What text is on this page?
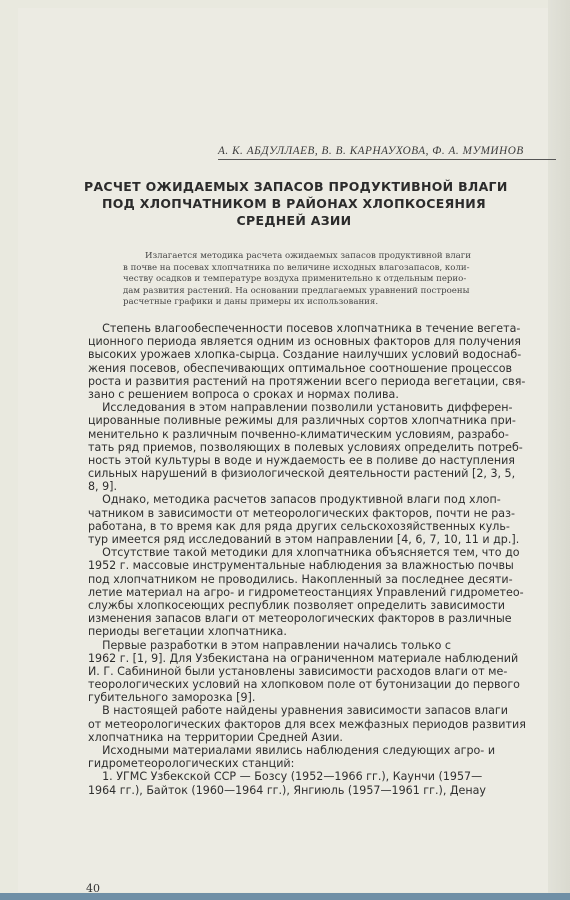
А. К. АБДУЛЛАЕВ, В. В. КАРНАУХОВА, Ф. А. МУМИНОВ
РАСЧЕТ ОЖИДАЕМЫХ ЗАПАСОВ ПРОДУКТИВНОЙ ВЛАГИ
ПОД ХЛОПЧАТНИКОМ В РАЙОНАХ ХЛОПКОСЕЯНИЯ
СРЕДНЕЙ АЗИИ
Излагается методика расчета ожидаемых запасов продуктивной влаги
в почве на посевах хлопчатника по величине исходных влагозапасов, коли-
честву осадков и температуре воздуха применительно к отдельным перио-
дам развития растений. На основании предлагаемых уравнений построены
расчетные графики и даны примеры их использования.
Степень влагообеспеченности посевов хлопчатника в течение вегета-
ционного периода является одним из основных факторов для получения
высоких урожаев хлопка-сырца. Создание наилучших условий водоснаб-
жения посевов, обеспечивающих оптимальное соотношение процессов
роста и развития растений на протяжении всего периода вегетации, свя-
зано с решением вопроса о сроках и нормах полива.
Исследования в этом направлении позволили установить дифферен-
цированные поливные режимы для различных сортов хлопчатника при-
менительно к различным почвенно-климатическим условиям, разрабо-
тать ряд приемов, позволяющих в полевых условиях определить потреб-
ность этой культуры в воде и нуждаемость ее в поливе до наступления
сильных нарушений в физиологической деятельности растений [2, 3, 5,
8, 9].
Однако, методика расчетов запасов продуктивной влаги под хлоп-
чатником в зависимости от метеорологических факторов, почти не раз-
работана, в то время как для ряда других сельскохозяйственных куль-
тур имеется ряд исследований в этом направлении [4, 6, 7, 10, 11 и др.].
Отсутствие такой методики для хлопчатника объясняется тем, что до
1952 г. массовые инструментальные наблюдения за влажностью почвы
под хлопчатником не проводились. Накопленный за последнее десяти-
летие материал на агро- и гидрометеостанциях Управлений гидрометео-
службы хлопкосеющих республик позволяет определить зависимости
изменения запасов влаги от метеорологических факторов в различные
периоды вегетации хлопчатника.
Первые разработки в этом направлении начались только с
1962 г. [1, 9]. Для Узбекистана на ограниченном материале наблюдений
И. Г. Сабининой были установлены зависимости расходов влаги от ме-
теорологических условий на хлопковом поле от бутонизации до первого
губительного заморозка [9].
В настоящей работе найдены уравнения зависимости запасов влаги
от метеорологических факторов для всех межфазных периодов развития
хлопчатника на территории Средней Азии.
Исходными материалами явились наблюдения следующих агро- и
гидрометеорологических станций:
1. УГМС Узбекской ССР — Бозсу (1952—1966 гг.), Каунчи (1957—
1964 гг.), Байток (1960—1964 гг.), Янгиюль (1957—1961 гг.), Денау
40
